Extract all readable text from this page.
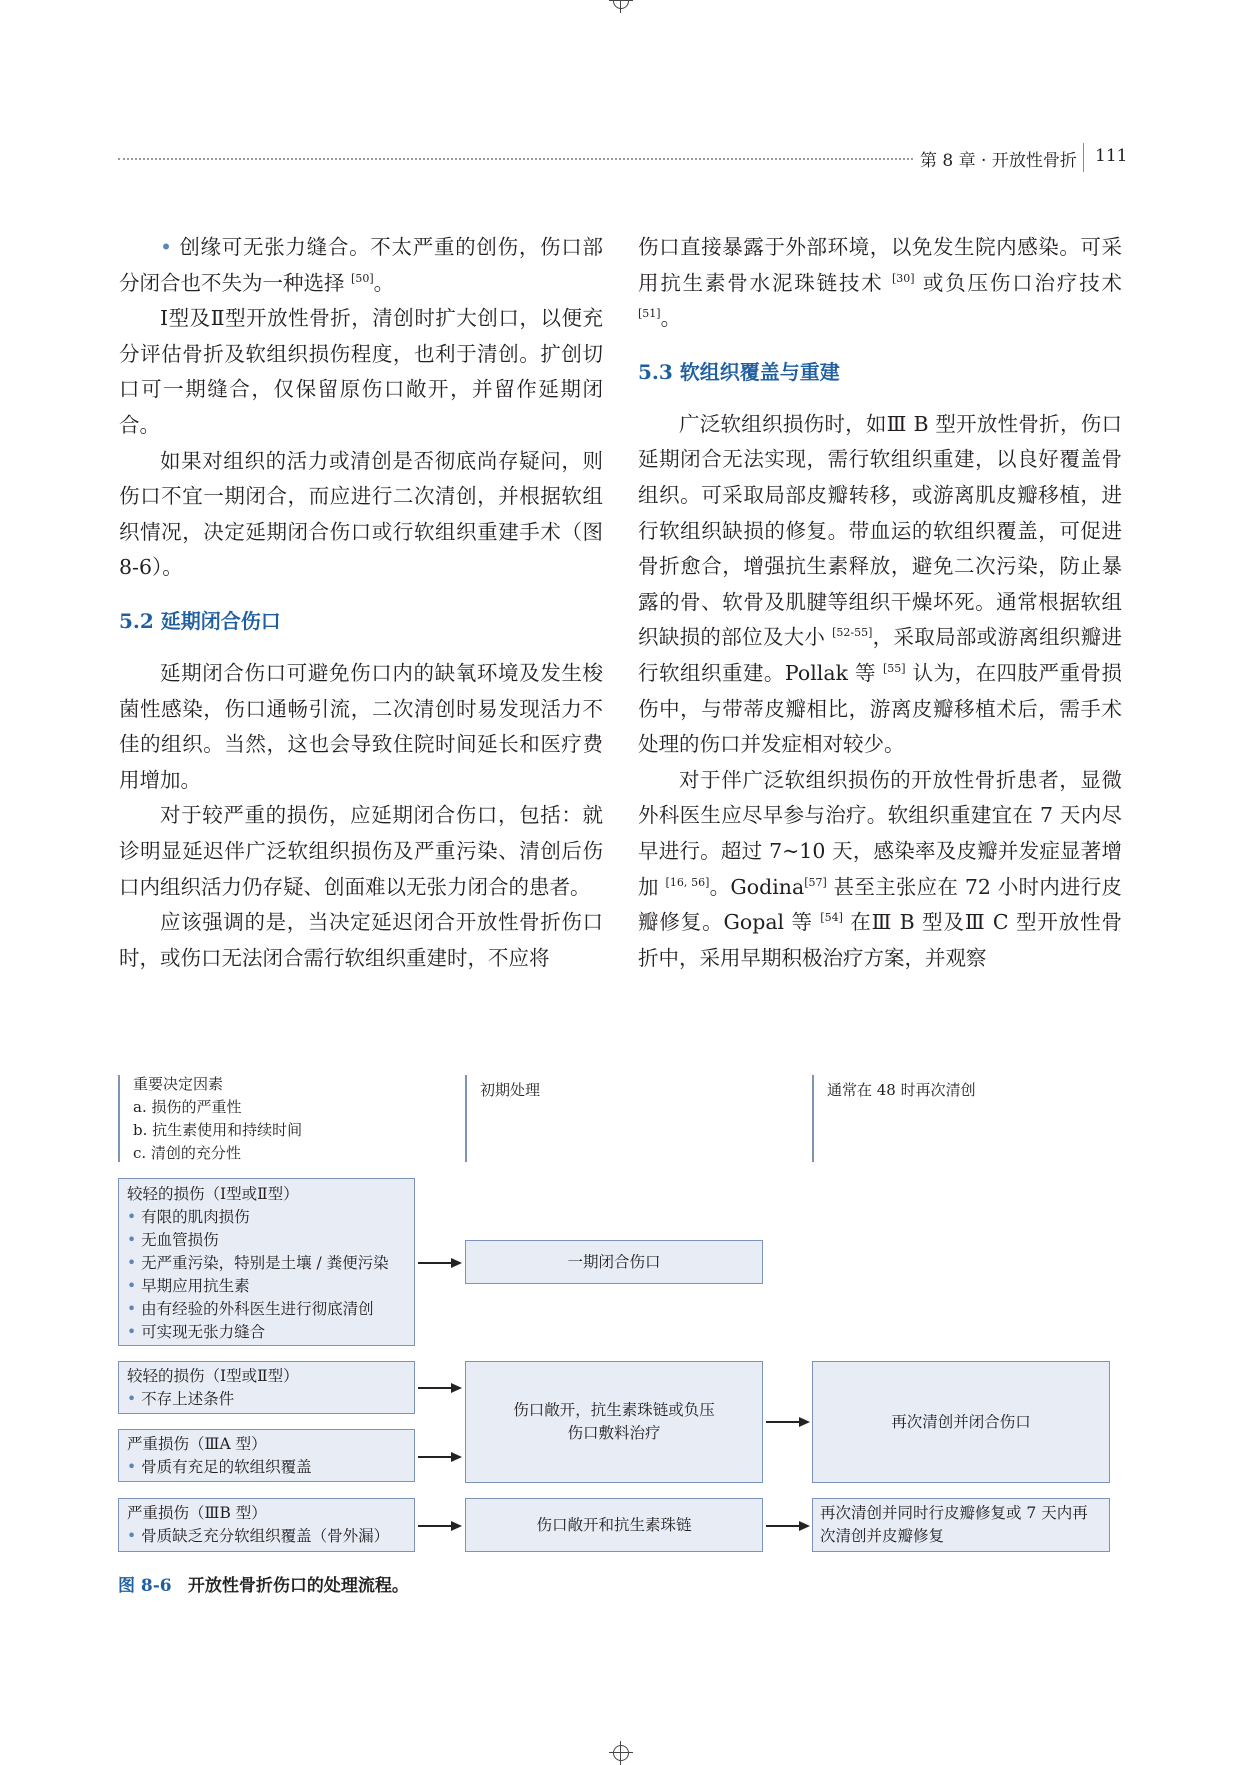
第 8 章 · 开放性骨折 111

• 创缘可无张力缝合。不太严重的创伤，伤口部分闭合也不失为一种选择 [50]。

Ⅰ型及Ⅱ型开放性骨折，清创时扩大创口，以便充分评估骨折及软组织损伤程度，也利于清创。扩创切口可一期缝合，仅保留原伤口敞开，并留作延期闭合。

如果对组织的活力或清创是否彻底尚存疑问，则伤口不宜一期闭合，而应进行二次清创，并根据软组织情况，决定延期闭合伤口或行软组织重建手术（图 8-6）。

5.2 延期闭合伤口

延期闭合伤口可避免伤口内的缺氧环境及发生梭菌性感染，伤口通畅引流，二次清创时易发现活力不佳的组织。当然，这也会导致住院时间延长和医疗费用增加。

对于较严重的损伤，应延期闭合伤口，包括：就诊明显延迟伴广泛软组织损伤及严重污染、清创后伤口内组织活力仍存疑、创面难以无张力闭合的患者。

应该强调的是，当决定延迟闭合开放性骨折伤口时，或伤口无法闭合需行软组织重建时，不应将

伤口直接暴露于外部环境，以免发生院内感染。可采用抗生素骨水泥珠链技术 [30] 或负压伤口治疗技术 [51]。

5.3 软组织覆盖与重建

广泛软组织损伤时，如Ⅲ B 型开放性骨折，伤口延期闭合无法实现，需行软组织重建，以良好覆盖骨组织。可采取局部皮瓣转移，或游离肌皮瓣移植，进行软组织缺损的修复。带血运的软组织覆盖，可促进骨折愈合，增强抗生素释放，避免二次污染，防止暴露的骨、软骨及肌腱等组织干燥坏死。通常根据软组织缺损的部位及大小 [52-55]，采取局部或游离组织瓣进行软组织重建。Pollak 等 [55] 认为，在四肢严重骨损伤中，与带蒂皮瓣相比，游离皮瓣移植术后，需手术处理的伤口并发症相对较少。

对于伴广泛软组织损伤的开放性骨折患者，显微外科医生应尽早参与治疗。软组织重建宜在 7 天内尽早进行。超过 7~10 天，感染率及皮瓣并发症显著增加 [16, 56]。Godina[57] 甚至主张应在 72 小时内进行皮瓣修复。Gopal 等 [54] 在Ⅲ B 型及Ⅲ C 型开放性骨折中，采用早期积极治疗方案，并观察

重要决定因素
a. 损伤的严重性
b. 抗生素使用和持续时间
c. 清创的充分性
初期处理	通常在 48 时再次清创
较轻的损伤（Ⅰ型或Ⅱ型）
• 有限的肌肉损伤
• 无血管损伤
• 无严重污染，特别是土壤 / 粪便污染
• 早期应用抗生素
• 由有经验的外科医生进行彻底清创
• 可实现无张力缝合
一期闭合伤口
较轻的损伤（Ⅰ型或Ⅱ型）
• 不存上述条件
严重损伤（ⅢA 型）
• 骨质有充足的软组织覆盖
伤口敞开，抗生素珠链或负压
伤口敷料治疗
再次清创并闭合伤口
严重损伤（ⅢB 型）
• 骨质缺乏充分软组织覆盖（骨外漏）
伤口敞开和抗生素珠链
再次清创并同时行皮瓣修复或 7 天内再
次清创并皮瓣修复
图 8-6 开放性骨折伤口的处理流程。
